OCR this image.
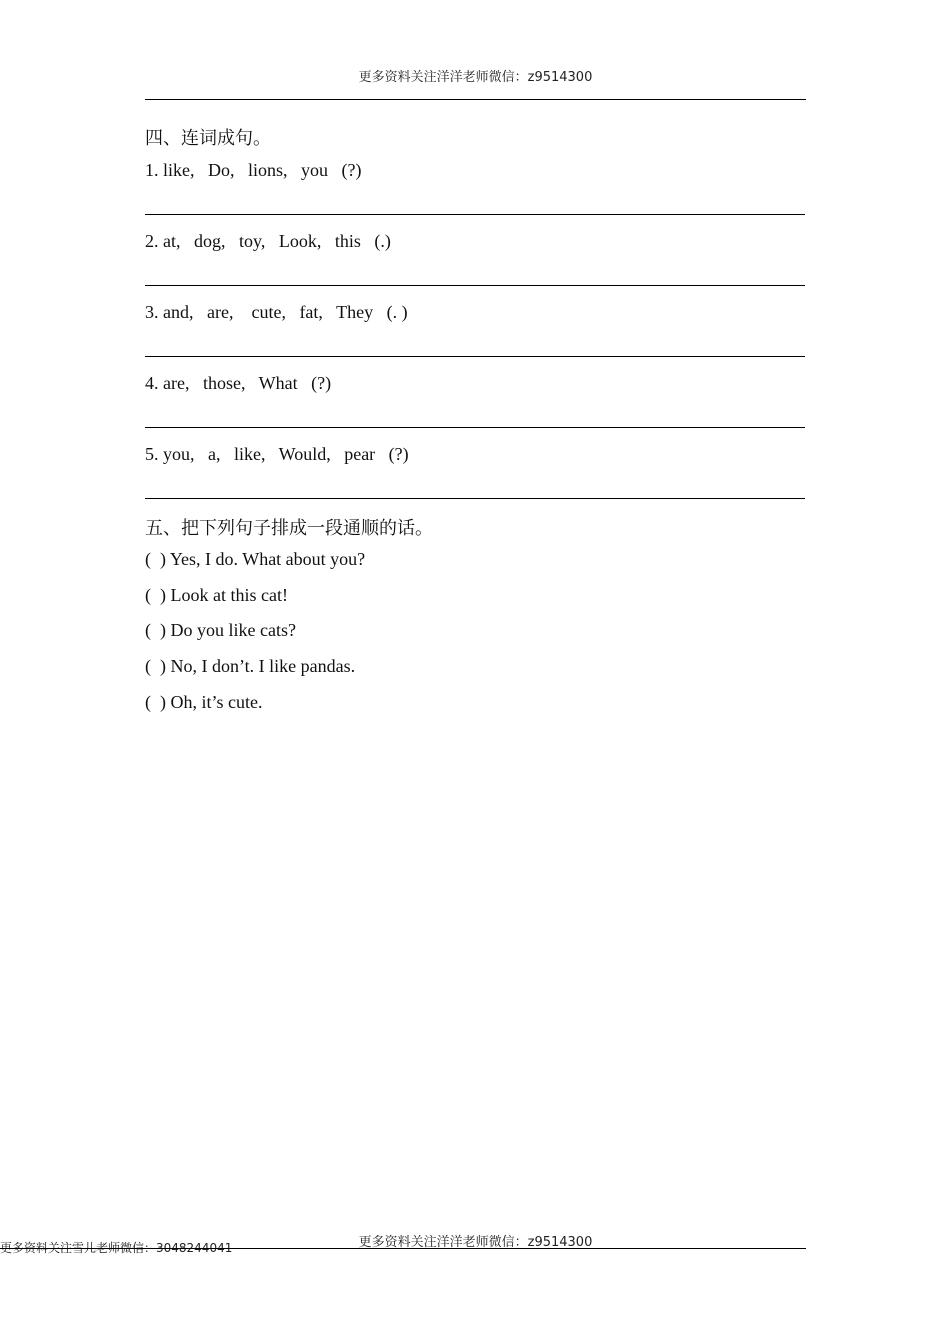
更多资料关注洋洋老师微信：z9514300
四、连词成句。
1. like,   Do,   lions,   you   (?)
2. at,   dog,   toy,   Look,   this   (.)
3. and,   are,    cute,   fat,   They   (. )
4. are,   those,   What   (?)
5. you,   a,   like,   Would,   pear   (?)
五、把下列句子排成一段通顺的话。
(  ) Yes, I do. What about you?
(  ) Look at this cat!
(  ) Do you like cats?
(  ) No, I don’t. I like pandas.
(  ) Oh, it’s cute.
更多资料关注洋洋老师微信：z9514300
更多资料关注雪儿老师微信：3048244041
